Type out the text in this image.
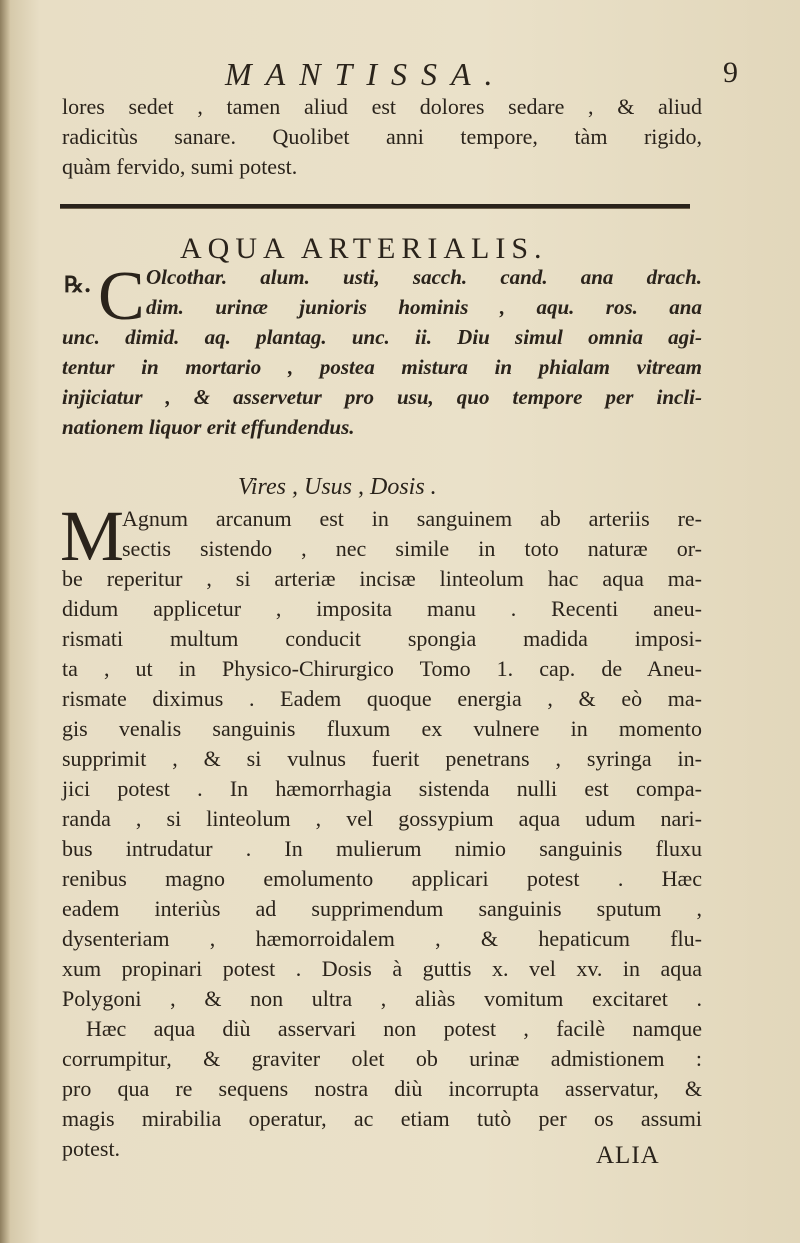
MANTISSA.	9
lores sedet , tamen aliud est dolores sedare , & aliud
radicitùs sanare. Quolibet anni tempore, tàm rigido,
quàm fervido, sumi potest.
AQUA ARTERIALIS.
℞. C Olcothar. alum. usti, sacch. cand. ana drach.
dim. urinæ junioris hominis , aqu. ros. ana
unc. dimid. aq. plantag. unc. ii. Diu simul omnia agi-
tentur in mortario , postea mistura in phialam vitream
injiciatur , & asservetur pro usu, quo tempore per incli-
nationem liquor erit effundendus.
Vires , Usus , Dosis .
M
Agnum arcanum est in sanguinem ab arteriis re-
sectis sistendo , nec simile in toto naturæ or-
be reperitur , si arteriæ incisæ linteolum hac aqua ma-
didum applicetur , imposita manu . Recenti aneu-
rismati multum conducit spongia madida imposi-
ta , ut in Physico-Chirurgico Tomo 1. cap. de Aneu-
rismate diximus . Eadem quoque energia , & eò ma-
gis venalis sanguinis fluxum ex vulnere in momento
supprimit , & si vulnus fuerit penetrans , syringa in-
jici potest . In hæmorrhagia sistenda nulli est compa-
randa , si linteolum , vel gossypium aqua udum nari-
bus intrudatur . In mulierum nimio sanguinis fluxu
renibus magno emolumento applicari potest . Hæc
eadem interiùs ad supprimendum sanguinis sputum ,
dysenteriam , hæmorroidalem , & hepaticum flu-
xum propinari potest . Dosis à guttis x. vel xv. in aqua
Polygoni , & non ultra , aliàs vomitum excitaret .
Hæc aqua diù asservari non potest , facilè namque
corrumpitur, & graviter olet ob urinæ admistionem :
pro qua re sequens nostra diù incorrupta asservatur, &
magis mirabilia operatur, ac etiam tutò per os assumi
potest.	ALIA
